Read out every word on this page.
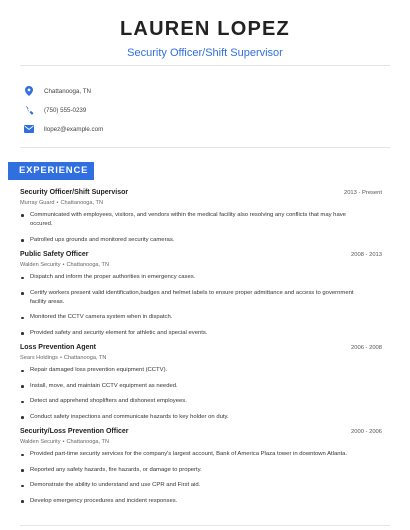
LAUREN LOPEZ
Security Officer/Shift Supervisor
Chattanooga, TN
(750) 555-0239
llopez@example.com
EXPERIENCE
Security Officer/Shift Supervisor	2013 - Present
Murray Guard • Chattanooga, TN
Communicated with employees, visitors, and vendors within the medical facility also resolving any conflicts that may have occured.
Patrolled ups grounds and monitored security cameras.
Public Safety Officer	2008 - 2013
Walden Security • Chattanooga, TN
Dispatch and inform the proper authorities in emergency cases.
Certify workers present valid identification,badges and helmet labels to ensure proper admittance and access to government facility areas.
Monitored the CCTV camera system when in dispatch.
Provided safety and security element for athletic and special events.
Loss Prevention Agent	2006 - 2008
Sears Holdings • Chattanooga, TN
Repair damaged loss prevention equipment (CCTV).
Install, move, and maintain CCTV equipment as needed.
Detect and apprehend shoplifters and dishonest employees.
Conduct safety inspections and communicate hazards to key holder on duty.
Security/Loss Prevention Officer	2000 - 2006
Walden Security • Chattanooga, TN
Provided part-time security services for the company's largest account, Bank of America Plaza tower in downtown Atlanta.
Reported any safety hazards, fire hazards, or damage to property.
Demonstrate the ability to understand and use CPR and First aid.
Develop emergency procedures and incident responses.
